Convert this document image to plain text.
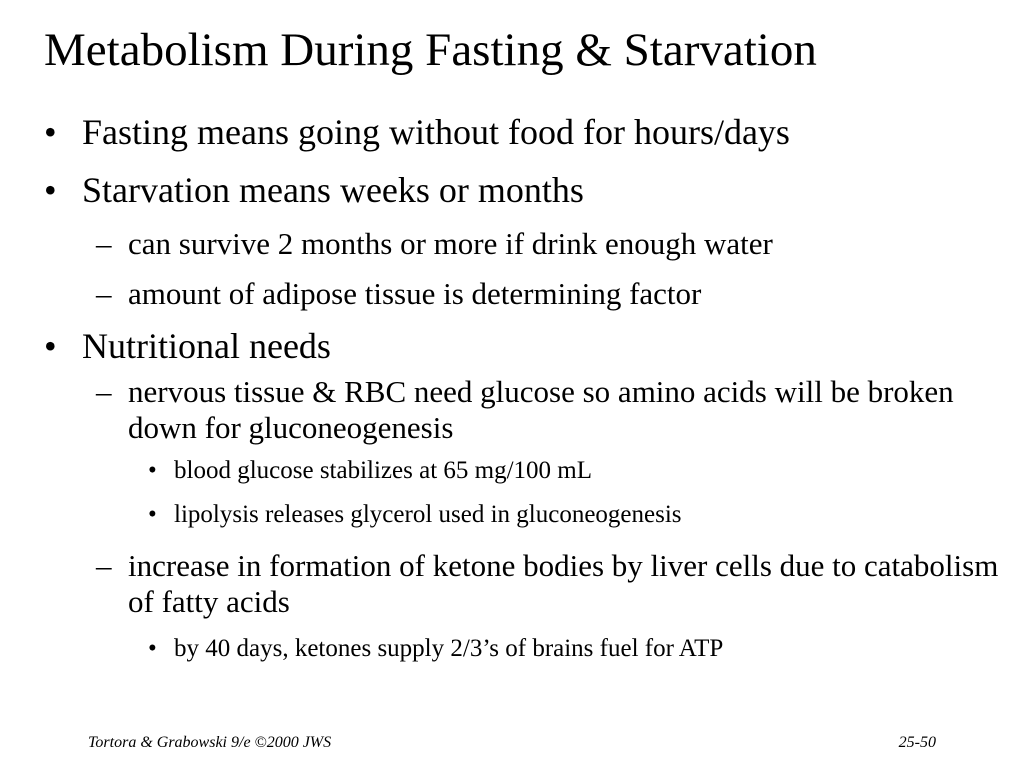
Metabolism During Fasting & Starvation
• Fasting means going without food for hours/days
• Starvation means weeks or months
– can survive 2 months or more if drink enough water
– amount of adipose tissue is determining factor
• Nutritional needs
– nervous tissue & RBC need glucose so amino acids will be broken down for gluconeogenesis
• blood glucose stabilizes at 65 mg/100 mL
• lipolysis releases glycerol used in gluconeogenesis
– increase in formation of ketone bodies by liver cells due to catabolism of fatty acids
• by 40 days, ketones supply 2/3’s of brains fuel for ATP
Tortora & Grabowski 9/e ©2000 JWS	25-50
